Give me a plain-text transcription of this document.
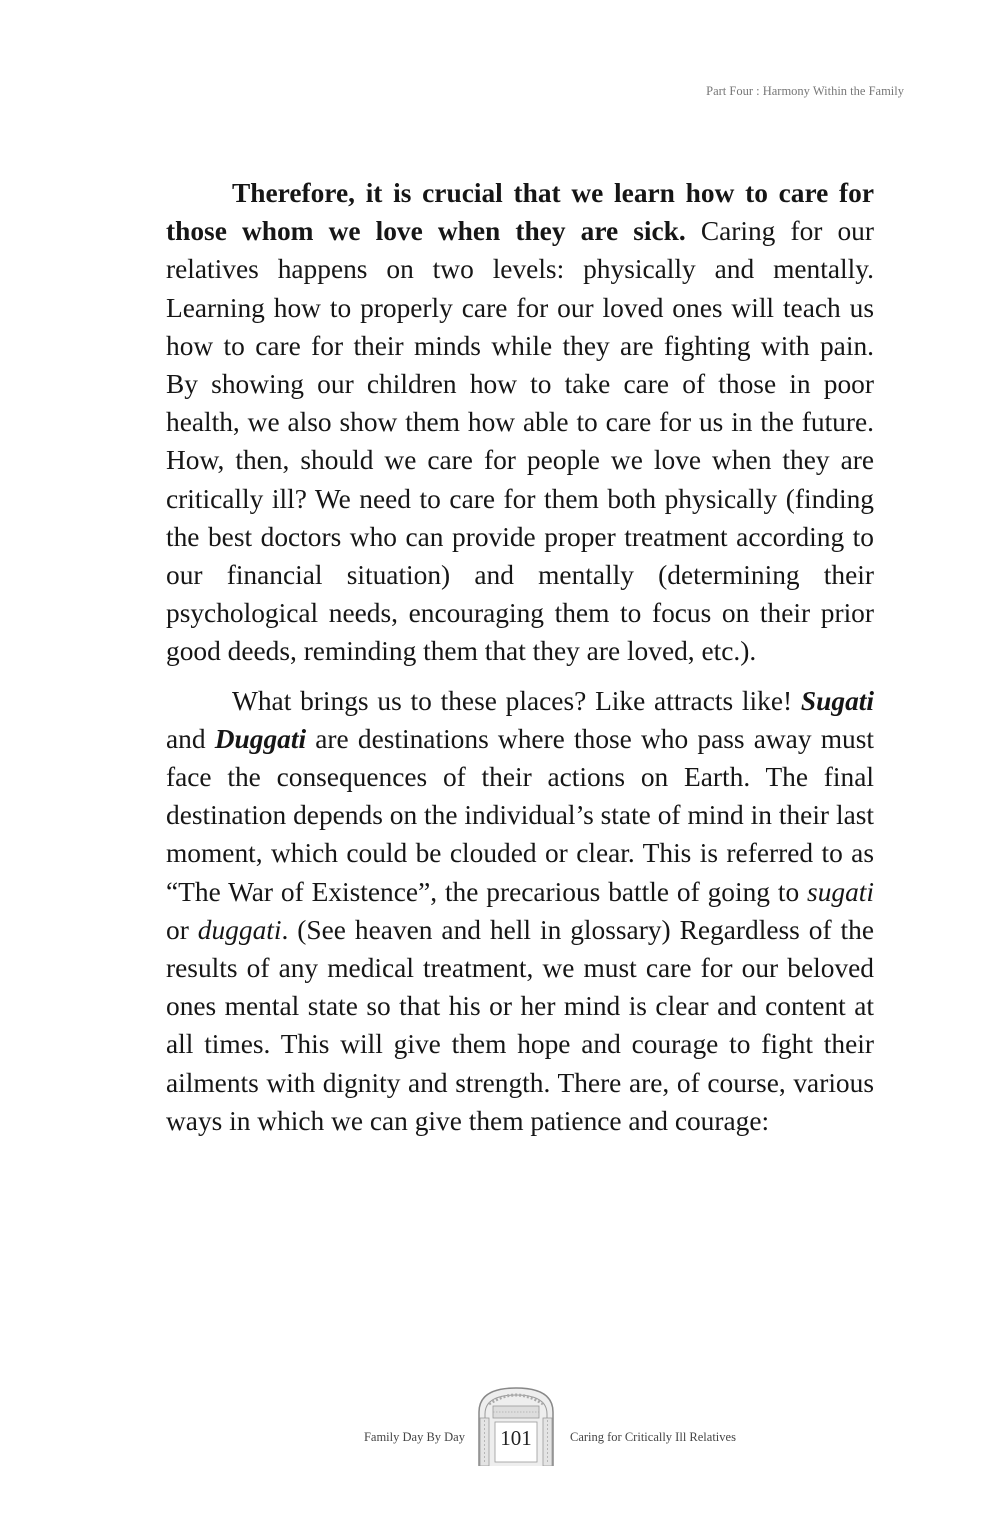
Part Four : Harmony Within the Family

Therefore, it is crucial that we learn how to care for those whom we love when they are sick. Caring for our relatives happens on two levels: physically and mentally. Learning how to properly care for our loved ones will teach us how to care for their minds while they are fighting with pain. By showing our children how to take care of those in poor health, we also show them how able to care for us in the future. How, then, should we care for people we love when they are critically ill? We need to care for them both physically (finding the best doctors who can provide proper treatment according to our financial situation) and mentally (determining their psychological needs, encouraging them to focus on their prior good deeds, reminding them that they are loved, etc.).

What brings us to these places? Like attracts like! Sugati and Duggati are destinations where those who pass away must face the consequences of their actions on Earth. The final destination depends on the individual’s state of mind in their last moment, which could be clouded or clear. This is referred to as “The War of Existence”, the precarious battle of going to sugati or duggati. (See heaven and hell in glossary) Regardless of the results of any medical treatment, we must care for our beloved ones mental state so that his or her mind is clear and content at all times. This will give them hope and courage to fight their ailments with dignity and strength. There are, of course, various ways in which we can give them patience and courage:

Family Day By Day	101	Caring for Critically Ill Relatives
